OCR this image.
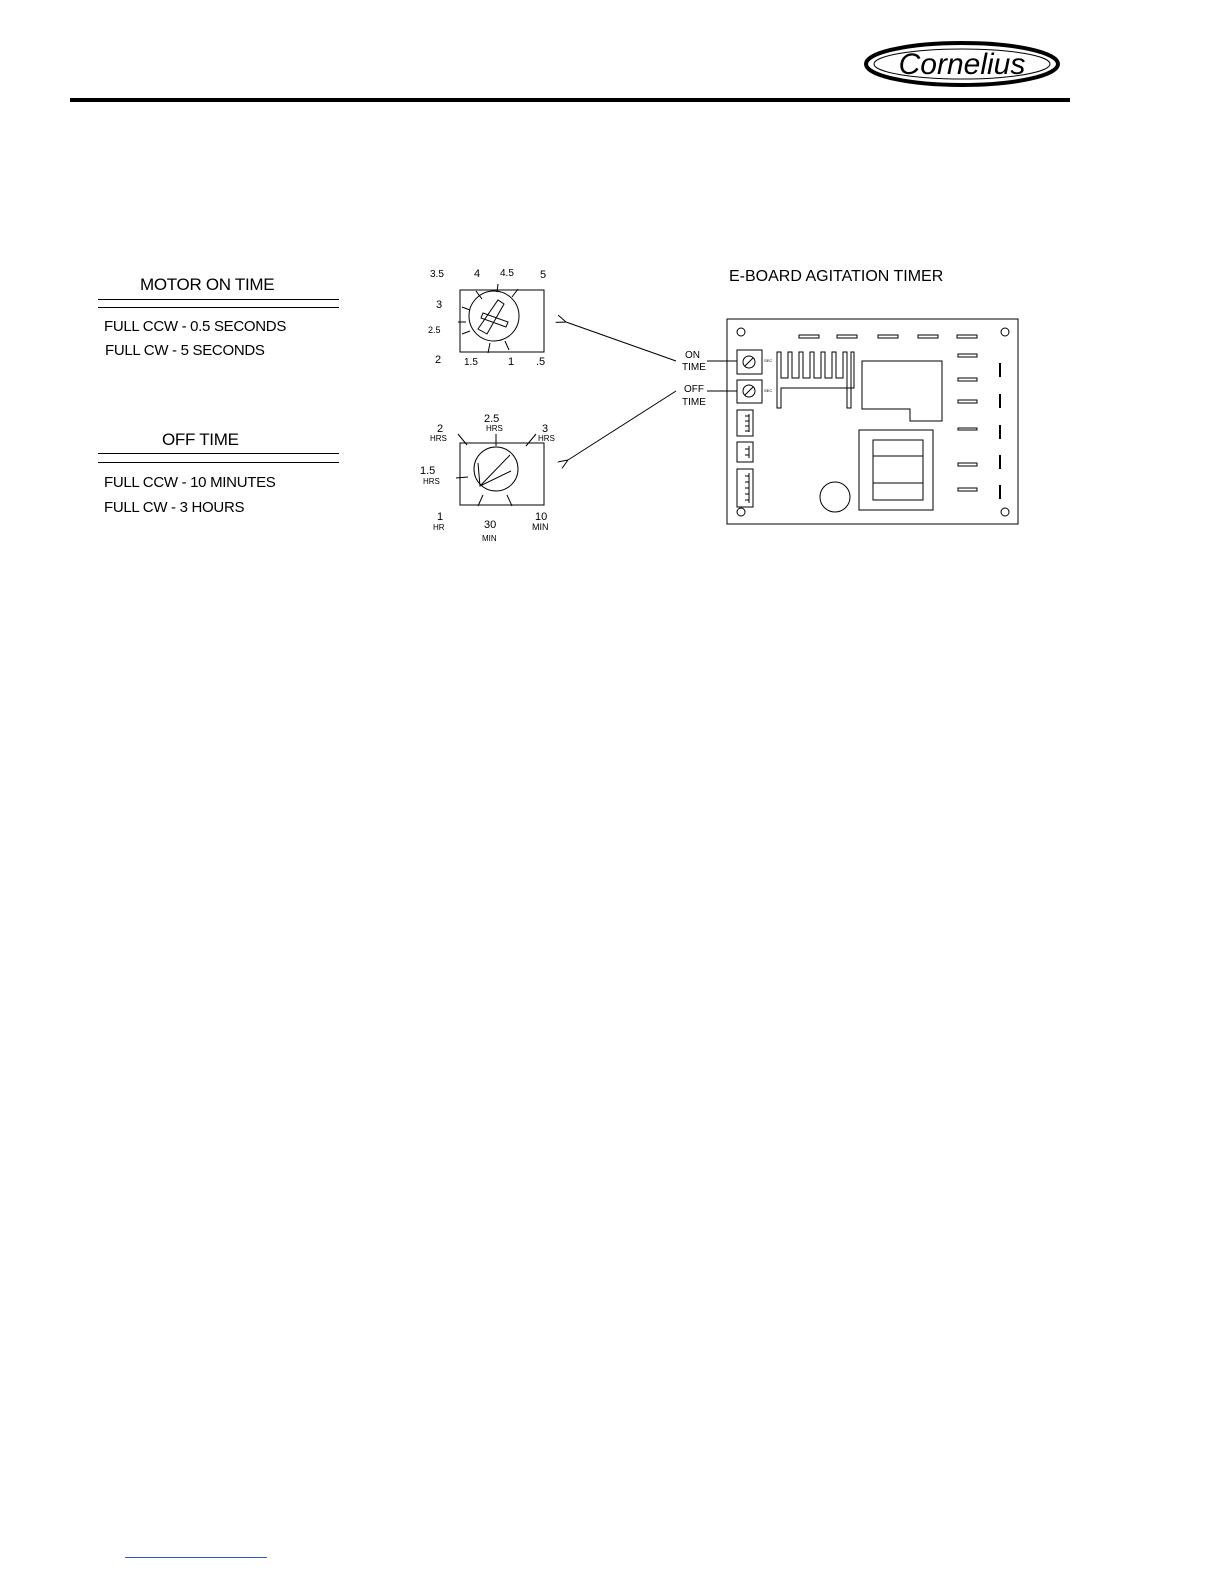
Cornelius
MOTOR ON TIME
FULL CCW - 0.5 SECONDS
FULL CW - 5 SECONDS
OFF TIME
FULL CCW - 10 MINUTES
FULL CW - 3 HOURS
3.5	4 4.5 5
3
2.5
2 1.5	1 .5
2
HRS
2.5
HRS	3
HRS
1.5
HRS
1
HR	30
MIN
10
MIN
ON
TIME
OFF
TIME
E-BOARD AGITATION TIMER
SEC
SEC
